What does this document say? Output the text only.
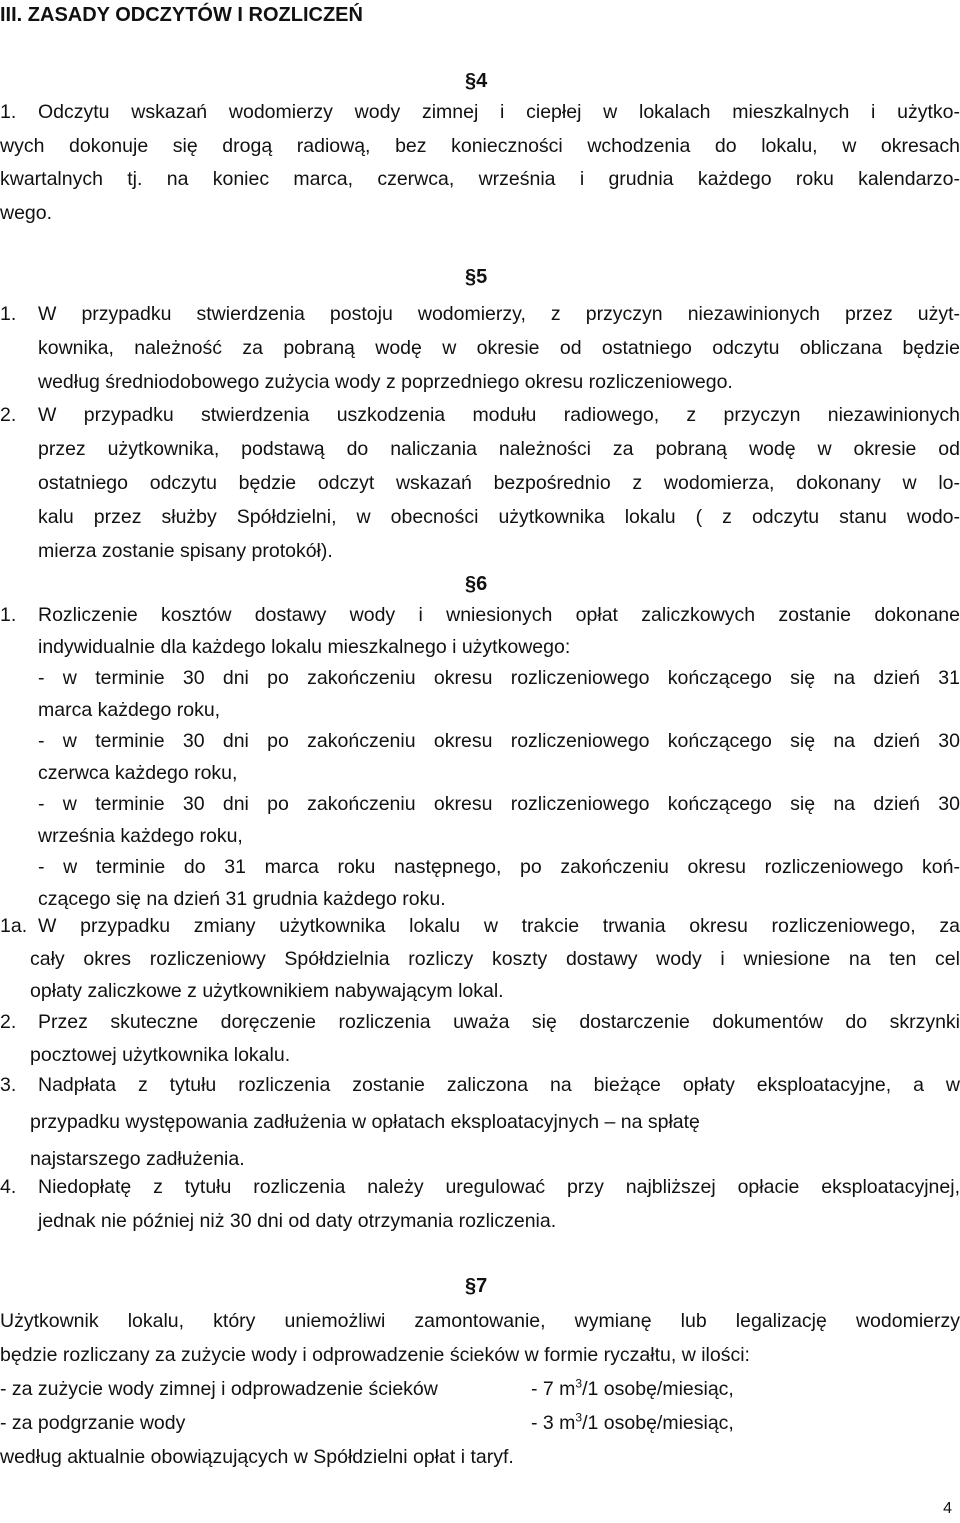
III. ZASADY ODCZYTÓW I ROZLICZEŃ
§4
1.	Odczytu wskazań wodomierzy wody zimnej i ciepłej w lokalach mieszkalnych i użytko-
wych dokonuje się drogą radiową, bez konieczności wchodzenia do lokalu, w okresach
kwartalnych tj. na koniec marca, czerwca, września i grudnia każdego roku kalendarzo-
wego.
§5
1.	W przypadku stwierdzenia postoju wodomierzy, z przyczyn niezawinionych przez użyt-
kownika, należność za pobraną wodę w okresie od ostatniego odczytu obliczana będzie
według średniodobowego zużycia wody z poprzedniego okresu rozliczeniowego.
2.	W przypadku stwierdzenia uszkodzenia modułu radiowego, z przyczyn niezawinionych
przez użytkownika, podstawą do naliczania należności za pobraną wodę w okresie od
ostatniego odczytu będzie odczyt wskazań bezpośrednio z wodomierza, dokonany w lo-
kalu przez służby Spółdzielni, w obecności użytkownika lokalu ( z odczytu stanu wodo-
mierza zostanie spisany protokół).
§6
1.	Rozliczenie kosztów dostawy wody i wniesionych opłat zaliczkowych zostanie dokonane
indywidualnie dla każdego lokalu mieszkalnego i użytkowego:
- w terminie 30 dni po zakończeniu okresu rozliczeniowego kończącego się na dzień 31
marca każdego roku,
- w terminie 30 dni po zakończeniu okresu rozliczeniowego kończącego się na dzień 30
czerwca każdego roku,
- w terminie 30 dni po zakończeniu okresu rozliczeniowego kończącego się na dzień 30
września każdego roku,
- w terminie do 31 marca roku następnego, po zakończeniu okresu rozliczeniowego koń-
czącego się na dzień 31 grudnia każdego roku.
1a. W przypadku zmiany użytkownika lokalu w trakcie trwania okresu rozliczeniowego, za
cały okres rozliczeniowy Spółdzielnia rozliczy koszty dostawy wody i wniesione na ten cel
opłaty zaliczkowe z użytkownikiem nabywającym lokal.
2.	Przez skuteczne doręczenie rozliczenia uważa się dostarczenie dokumentów do skrzynki
pocztowej użytkownika lokalu.
3.	Nadpłata z tytułu rozliczenia zostanie zaliczona na bieżące opłaty eksploatacyjne, a w
przypadku występowania zadłużenia w opłatach eksploatacyjnych – na spłatę
najstarszego zadłużenia.
4.	Niedopłatę z tytułu rozliczenia należy uregulować przy najbliższej opłacie eksploatacyjnej,
jednak nie później niż 30 dni od daty otrzymania rozliczenia.
§7
Użytkownik lokalu, który uniemożliwi zamontowanie, wymianę lub legalizację wodomierzy
będzie rozliczany za zużycie wody i odprowadzenie ścieków w formie ryczałtu, w ilości:
- za zużycie wody zimnej i odprowadzenie ścieków	- 7 $m^3/1$ osobę/miesiąc,
- za podgrzanie wody	- 3 $m^3/1$ osobę/miesiąc,
według aktualnie obowiązujących w Spółdzielni opłat i taryf.
4
